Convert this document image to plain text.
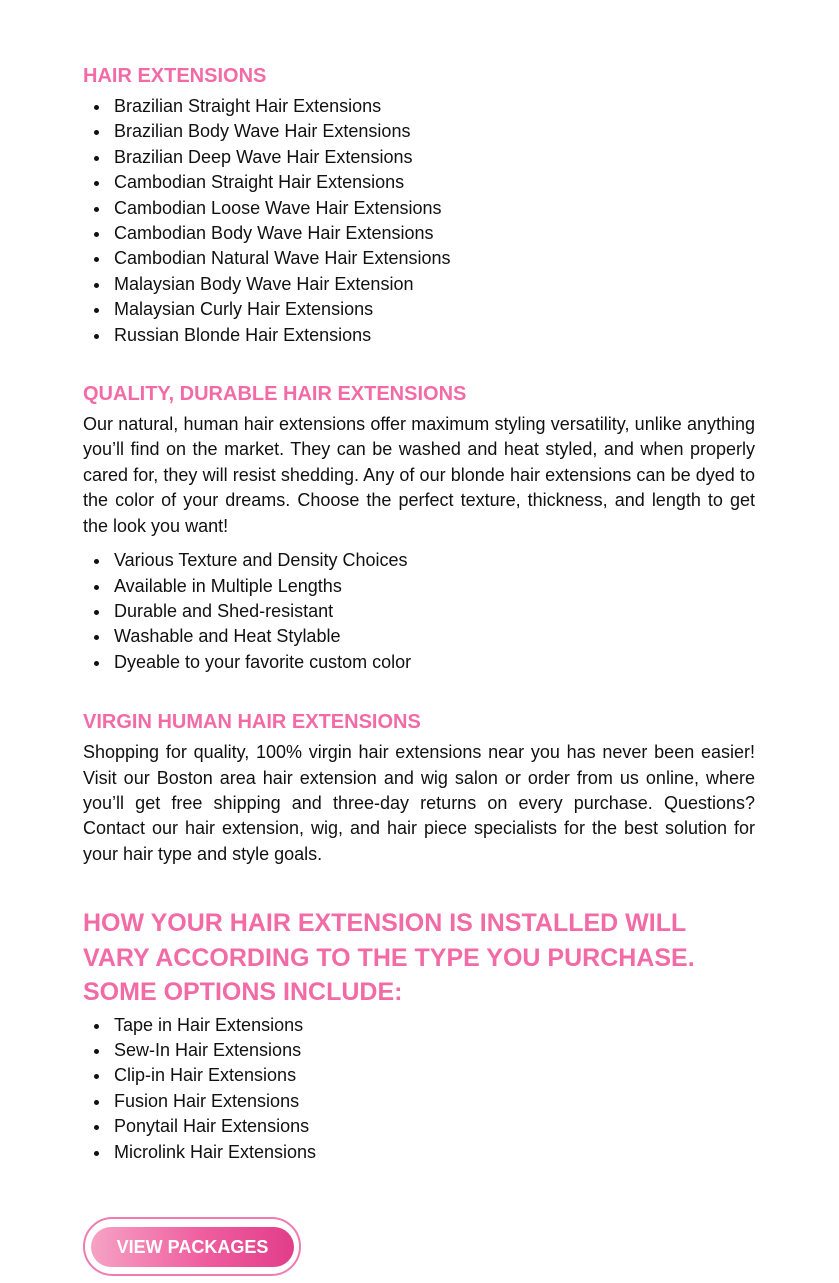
HAIR EXTENSIONS
Brazilian Straight Hair Extensions
Brazilian Body Wave Hair Extensions
Brazilian Deep Wave Hair Extensions
Cambodian Straight Hair Extensions
Cambodian Loose Wave Hair Extensions
Cambodian Body Wave Hair Extensions
Cambodian Natural Wave Hair Extensions
Malaysian Body Wave Hair Extension
Malaysian Curly Hair Extensions
Russian Blonde Hair Extensions
QUALITY, DURABLE HAIR EXTENSIONS

Our natural, human hair extensions offer maximum styling versatility, unlike anything you’ll find on the market. They can be washed and heat styled, and when properly cared for, they will resist shedding. Any of our blonde hair extensions can be dyed to the color of your dreams. Choose the perfect texture, thickness, and length to get the look you want!

Various Texture and Density Choices
Available in Multiple Lengths
Durable and Shed-resistant
Washable and Heat Stylable
Dyeable to your favorite custom color
VIRGIN HUMAN HAIR EXTENSIONS

Shopping for quality, 100% virgin hair extensions near you has never been easier! Visit our Boston area hair extension and wig salon or order from us online, where you’ll get free shipping and three-day returns on every purchase. Questions? Contact our hair extension, wig, and hair piece specialists for the best solution for your hair type and style goals.

HOW YOUR HAIR EXTENSION IS INSTALLED WILL VARY ACCORDING TO THE TYPE YOU PURCHASE. SOME OPTIONS INCLUDE:
Tape in Hair Extensions
Sew-In Hair Extensions
Clip-in Hair Extensions
Fusion Hair Extensions
Ponytail Hair Extensions
Microlink Hair Extensions
VIEW PACKAGES
